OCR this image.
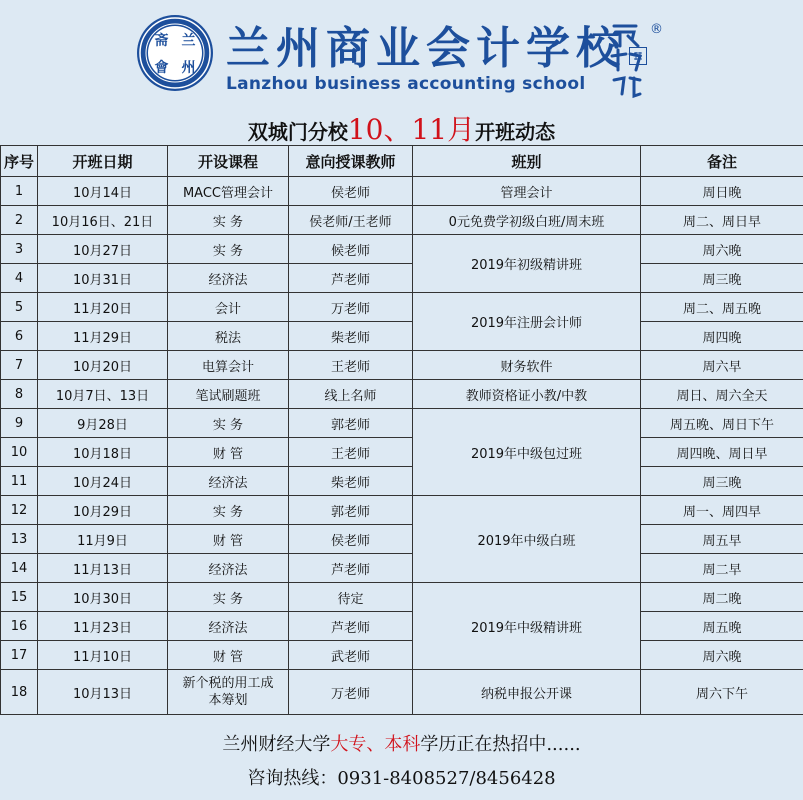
斋 兰
會 州 兰州商业会计学校
Lanzhou business accounting school
®
双城门分校10、11月开班动态
序号	开班日期	开设课程	意向授课教师	班别	备注
1	10月14日	MACC管理会计	侯老师	管理会计	周日晚
2	10月16日、21日	实 务	侯老师/王老师	0元免费学初级白班/周末班	周二、周日早
3	10月27日	实 务	候老师	2019年初级精讲班	周六晚
4	10月31日	经济法	芦老师		周三晚
5	11月20日	会计	万老师	2019年注册会计师	周二、周五晚
6	11月29日	税法	柴老师		周四晚
7	10月20日	电算会计	王老师	财务软件	周六早
8	10月7日、13日	笔试刷题班	线上名师	教师资格证小教/中教	周日、周六全天
9	9月28日	实 务	郭老师	2019年中级包过班	周五晚、周日下午
10	10月18日	财 管	王老师		周四晚、周日早
11	10月24日	经济法	柴老师		周三晚
12	10月29日	实 务	郭老师	2019年中级白班	周一、周四早
13	11月9日	财 管	侯老师		周五早
14	11月13日	经济法	芦老师		周二早
15	10月30日	实 务	待定	2019年中级精讲班	周二晚
16	11月23日	经济法	芦老师		周五晚
17	11月10日	财 管	武老师		周六晚
18	10月13日	新个税的用工成本筹划	万老师	纳税申报公开课	周六下午
兰州财经大学大专、本科学历正在热招中......
咨询热线：0931-8408527/8456428
